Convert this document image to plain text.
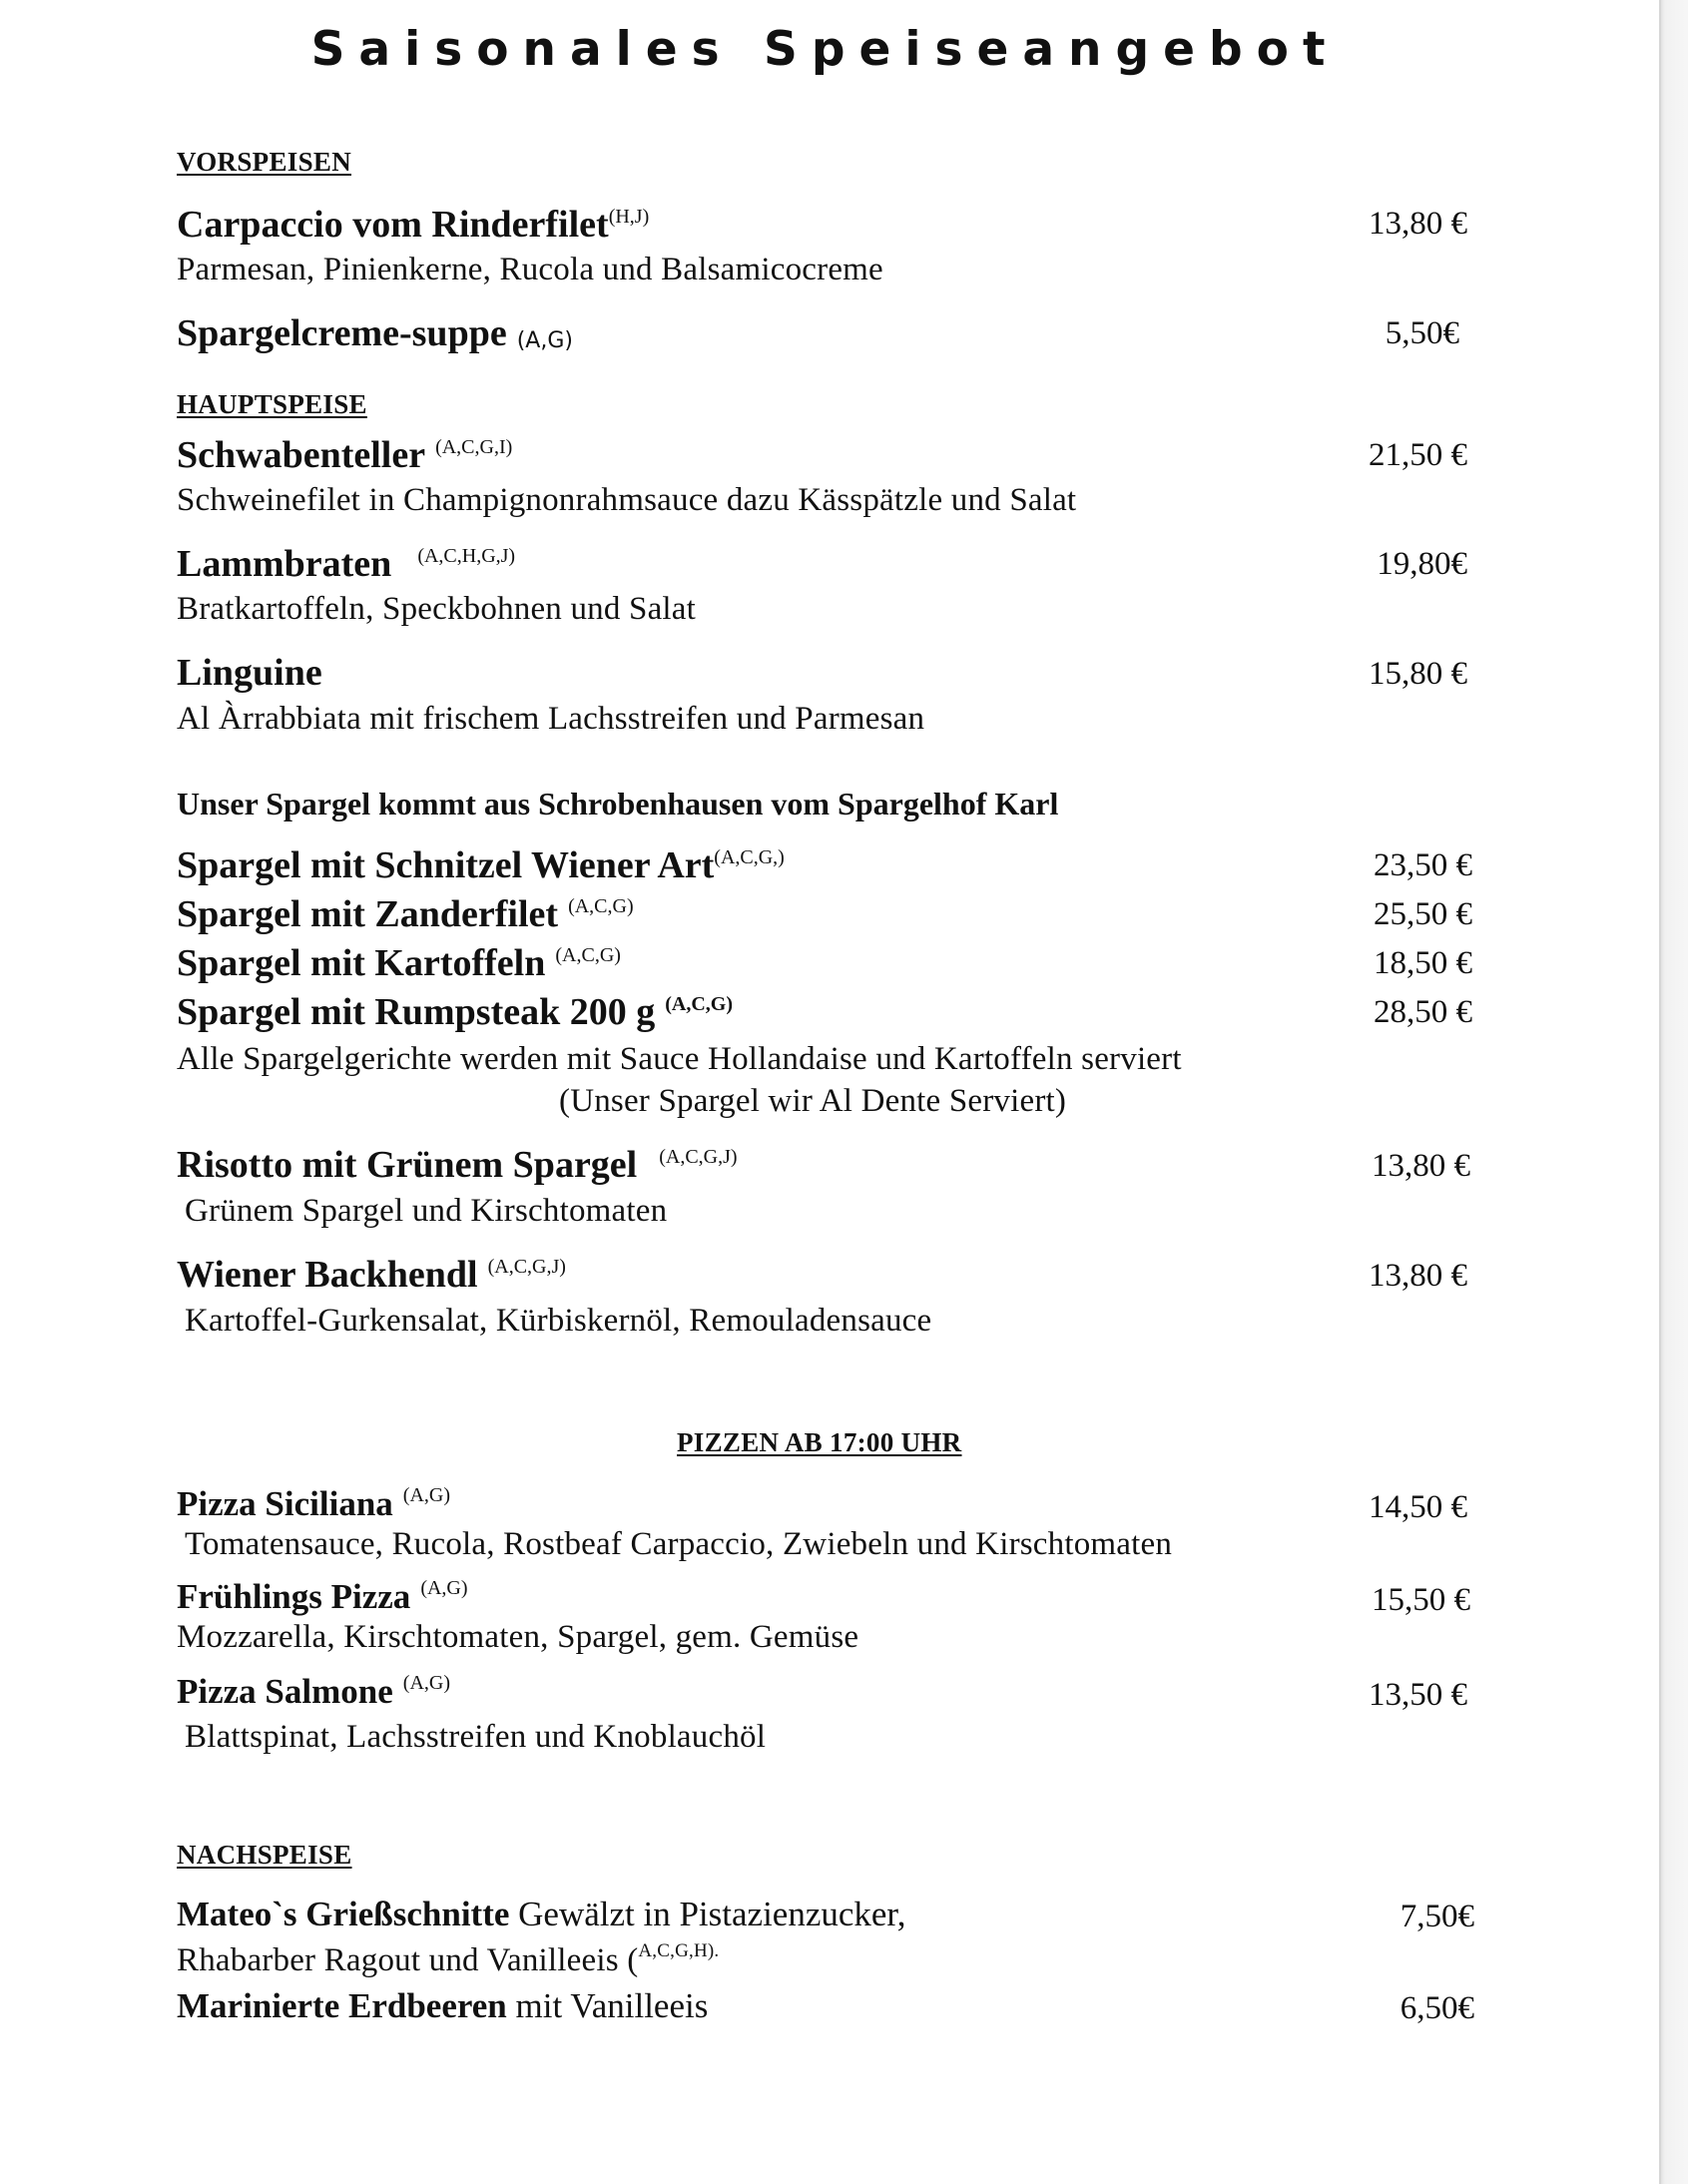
Saisonales Speiseangebot
VORSPEISEN
Carpaccio vom Rinderfilet$^{(H,J)}$	13,80 €
Parmesan, Pinienkerne, Rucola und Balsamicocreme
Spargelcreme-suppe (A,G)	5,50€
HAUPTSPEISE
Schwabenteller $^{(A,C,G,I)}$	21,50 €
Schweinefilet in Champignonrahmsauce dazu Kässpätzle und Salat
Lammbraten $^{(A,C,H,G,J)}$	19,80€
Bratkartoffeln, Speckbohnen und Salat
Linguine	15,80 €
Al Àrrabbiata mit frischem Lachsstreifen und Parmesan
Unser Spargel kommt aus Schrobenhausen vom Spargelhof Karl
Spargel mit Schnitzel Wiener Art$^{(A,C,G,)}$	23,50 €
Spargel mit Zanderfilet $^{(A,C,G)}$	25,50 €
Spargel mit Kartoffeln $^{(A,C,G)}$	18,50 €
Spargel mit Rumpsteak 200 g $^{(A,C,G)}$	28,50 €
Alle Spargelgerichte werden mit Sauce Hollandaise und Kartoffeln serviert
(Unser Spargel wir Al Dente Serviert)
Risotto mit Grünem Spargel $^{(A,C,G,J)}$	13,80 €
Grünem Spargel und Kirschtomaten
Wiener Backhendl $^{(A,C,G,J)}$	13,80 €
Kartoffel-Gurkensalat, Kürbiskernöl, Remouladensauce
PIZZEN AB 17:00 UHR
Pizza Siciliana $^{(A,G)}$	14,50 €
Tomatensauce, Rucola, Rostbeaf Carpaccio, Zwiebeln und Kirschtomaten
Frühlings Pizza $^{(A,G)}$	15,50 €
Mozzarella, Kirschtomaten, Spargel, gem. Gemüse
Pizza Salmone $^{(A,G)}$	13,50 €
Blattspinat, Lachsstreifen und Knoblauchöl
NACHSPEISE
Mateo`s Grießschnitte Gewälzt in Pistazienzucker,	7,50€
Rhabarber Ragout und Vanilleeis ($^{A,C,G,H).}$
Marinierte Erdbeeren mit Vanilleeis	6,50€
